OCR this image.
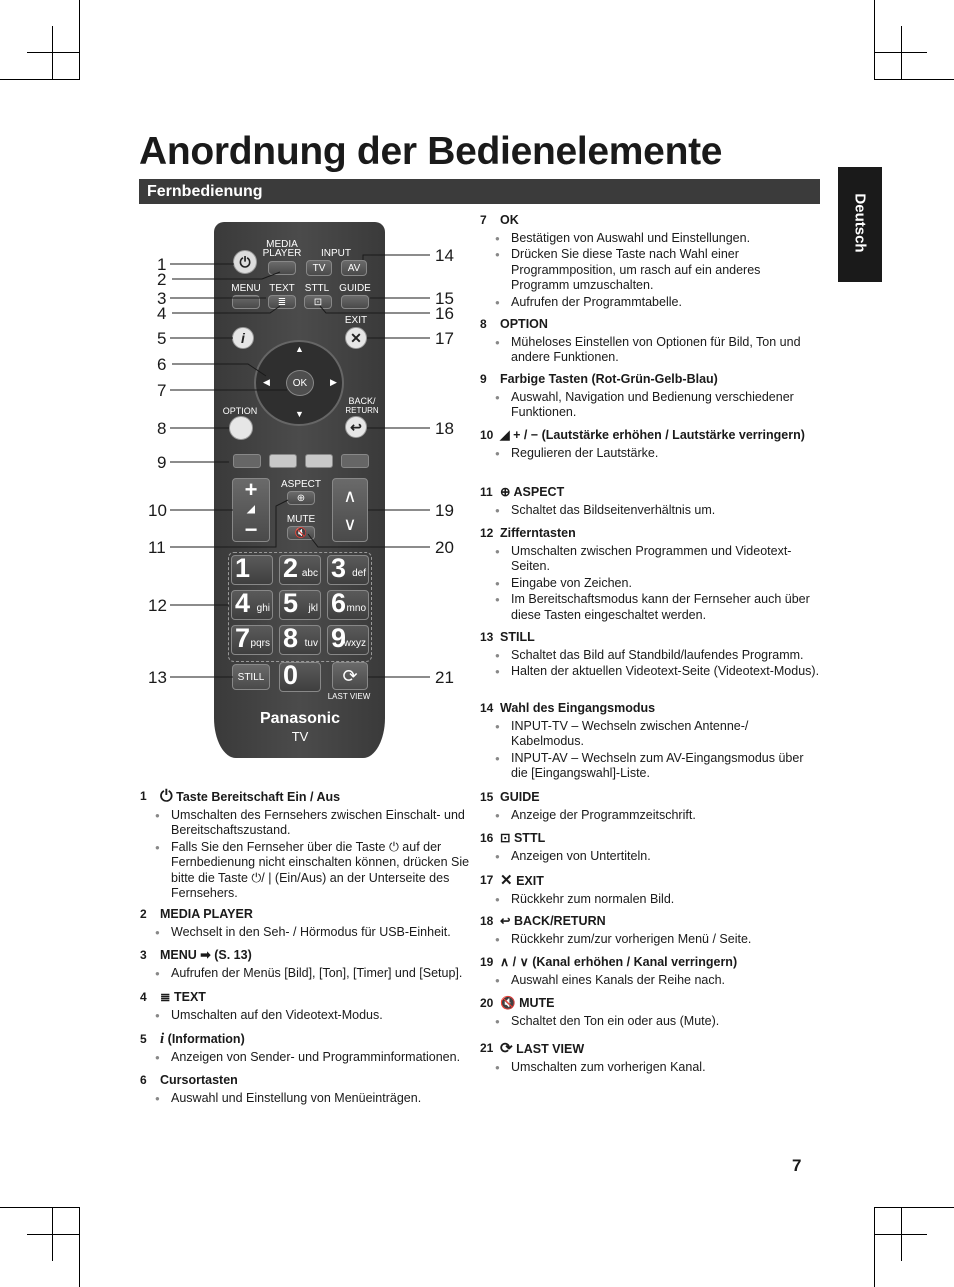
Anordnung der Bedienelemente
Fernbedienung
Deutsch
⏻
MEDIA
PLAYER INPUT
TV	AV
MENU TEXT STTL GUIDE
≣	⊡
EXIT
i	✕
▲
▼
◀	▶
OK
OPTION
BACK/
RETURN
↩
+
◢
−
∧
∨
ASPECT
⊕
MUTE
🔇
1 2 abc 3 def
4 ghi 5 jkl 6 mno
7 pqrs 8 tuv 9
wxyz
STILL 0	⟳
LAST VIEW
Panasonic
TV
1
2
3
4
5
6
7
8
9
10
11
12
13
14
15
16
17
18
19
20
21
1 ⏻ Taste Bereitschaft Ein / Aus
● Umschalten des Fernsehers zwischen Einschalt- und Bereitschaftszustand.
● Falls Sie den Fernseher über die Taste ⏻ auf der Fernbedienung nicht einschalten können, drücken Sie bitte die Taste ⏻/ | (Ein/Aus) an der Unterseite des Fernsehers.
2	MEDIA PLAYER
● Wechselt in den Seh- / Hörmodus für USB-Einheit.
3	MENU ➡ (S. 13)
● Aufrufen der Menüs [Bild], [Ton], [Timer] und [Setup].
4	≣ TEXT
● Umschalten auf den Videotext-Modus.
5 i (Information)
● Anzeigen von Sender- und Programminformationen.
6	Cursortasten
● Auswahl und Einstellung von Menüeinträgen.
7	OK
● Bestätigen von Auswahl und Einstellungen.
● Drücken Sie diese Taste nach Wahl einer Programmposition, um rasch auf ein anderes Programm umzuschalten.
● Aufrufen der Programmtabelle.
8	OPTION
● Müheloses Einstellen von Optionen für Bild, Ton und andere Funktionen.
9	Farbige Tasten (Rot-Grün-Gelb-Blau)
● Auswahl, Navigation und Bedienung verschiedener Funktionen.
10 ◢ + / − (Lautstärke erhöhen / Lautstärke verringern)
● Regulieren der Lautstärke.
11 ⊕ ASPECT
● Schaltet das Bildseitenverhältnis um.
12 Zifferntasten
● Umschalten zwischen Programmen und Videotext-Seiten.
● Eingabe von Zeichen.
● Im Bereitschaftsmodus kann der Fernseher auch über diese Tasten eingeschaltet werden.
13 STILL
● Schaltet das Bild auf Standbild/laufendes Programm.
● Halten der aktuellen Videotext-Seite (Videotext-Modus).
14 Wahl des Eingangsmodus
● INPUT-TV – Wechseln zwischen Antenne-/ Kabelmodus.
● INPUT-AV – Wechseln zum AV-Eingangsmodus über die [Eingangswahl]-Liste.
15 GUIDE
● Anzeige der Programmzeitschrift.
16 ⊡ STTL
● Anzeigen von Untertiteln.
17 ✕ EXIT
● Rückkehr zum normalen Bild.
18 ↩ BACK/RETURN
● Rückkehr zum/zur vorherigen Menü / Seite.
19 ∧ / ∨ (Kanal erhöhen / Kanal verringern)
● Auswahl eines Kanals der Reihe nach.
20 🔇 MUTE
● Schaltet den Ton ein oder aus (Mute).
21 ⟳ LAST VIEW
● Umschalten zum vorherigen Kanal.
7
